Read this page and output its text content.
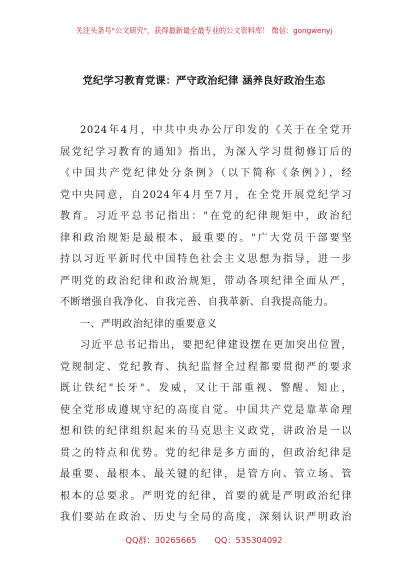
关注头条号"公文研究"，获得最新最全最专业的公文资料库！ 微信：gongwenyj
党纪学习教育党课：严守政治纪律 涵养良好政治生态
2024年4月，中共中央办公厅印发的《关于在全党开
展党纪学习教育的通知》指出，为深入学习贯彻修订后的
《中国共产党纪律处分条例》（以下简称《条例》），经
党中央同意，自2024年4月至7月，在全党开展党纪学习
教育。习近平总书记指出："在党的纪律规矩中，政治纪
律和政治规矩是最根本、最重要的。"广大党员干部要坚
持以习近平新时代中国特色社会主义思想为指导，进一步
严明党的政治纪律和政治规矩，带动各项纪律全面从严，
不断增强自我净化、自我完善、自我革新、自我提高能力。
一、严明政治纪律的重要意义
习近平总书记指出，要把纪律建设摆在更加突出位置，
党规制定、党纪教育、执纪监督全过程都要贯彻严的要求
既让铁纪"长牙"、发威，又让干部重视、警醒、知止，
使全党形成遵规守纪的高度自觉。中国共产党是靠革命理
想和铁的纪律组织起来的马克思主义政党，讲政治是一以
贯之的特点和优势。党的纪律是多方面的，但政治纪律是
最重要、最根本、最关键的纪律，是管方向、管立场、管
根本的总要求。严明党的纪律，首要的就是严明政治纪律
我们要站在政治、历史与全局的高度，深刻认识严明政治
QQ群：30265665 QQ：535304092
